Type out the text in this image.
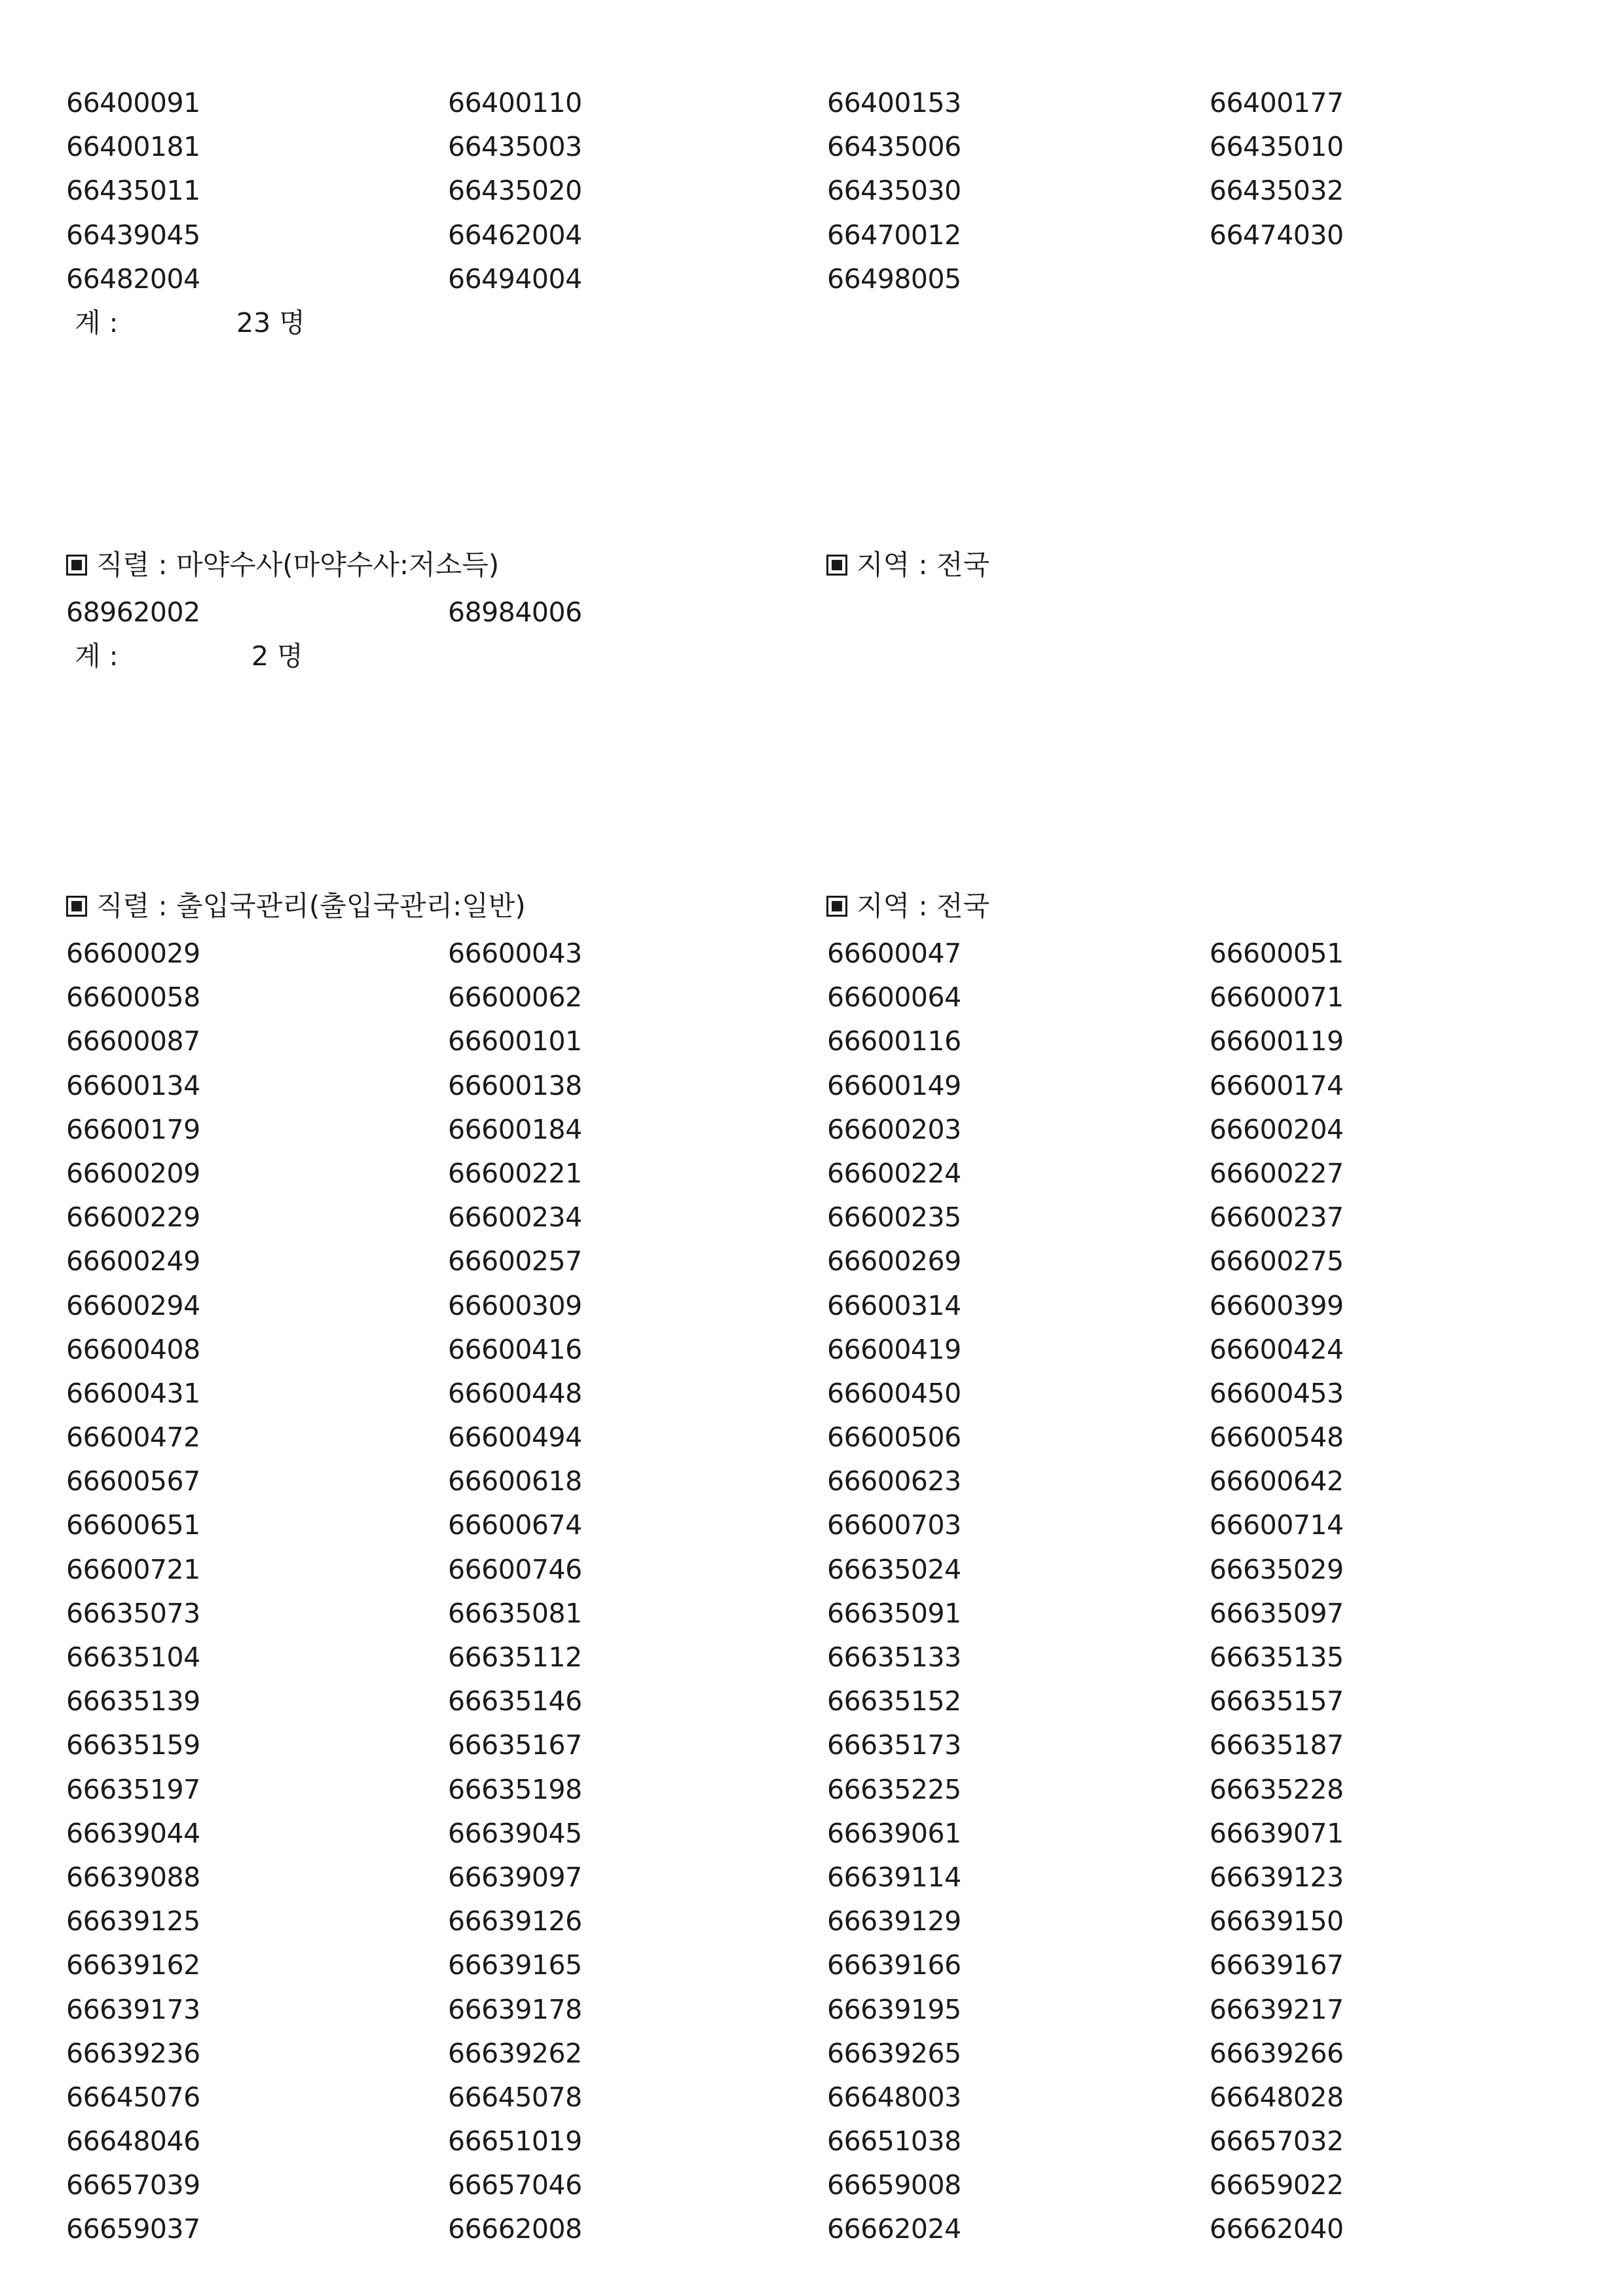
66400091	66400110	66400153	66400177
66400181	66435003	66435006	66435010
66435011	66435020	66435030	66435032
66439045	66462004	66470012	66474030
66482004	66494004	66498005
계 :	23 명
직렬 : 마약수사(마약수사:저소득)	지역 : 전국
68962002	68984006
계 :	2 명
직렬 : 출입국관리(출입국관리:일반)	지역 : 전국
66600029	66600043	66600047	66600051
66600058	66600062	66600064	66600071
66600087	66600101	66600116	66600119
66600134	66600138	66600149	66600174
66600179	66600184	66600203	66600204
66600209	66600221	66600224	66600227
66600229	66600234	66600235	66600237
66600249	66600257	66600269	66600275
66600294	66600309	66600314	66600399
66600408	66600416	66600419	66600424
66600431	66600448	66600450	66600453
66600472	66600494	66600506	66600548
66600567	66600618	66600623	66600642
66600651	66600674	66600703	66600714
66600721	66600746	66635024	66635029
66635073	66635081	66635091	66635097
66635104	66635112	66635133	66635135
66635139	66635146	66635152	66635157
66635159	66635167	66635173	66635187
66635197	66635198	66635225	66635228
66639044	66639045	66639061	66639071
66639088	66639097	66639114	66639123
66639125	66639126	66639129	66639150
66639162	66639165	66639166	66639167
66639173	66639178	66639195	66639217
66639236	66639262	66639265	66639266
66645076	66645078	66648003	66648028
66648046	66651019	66651038	66657032
66657039	66657046	66659008	66659022
66659037	66662008	66662024	66662040
